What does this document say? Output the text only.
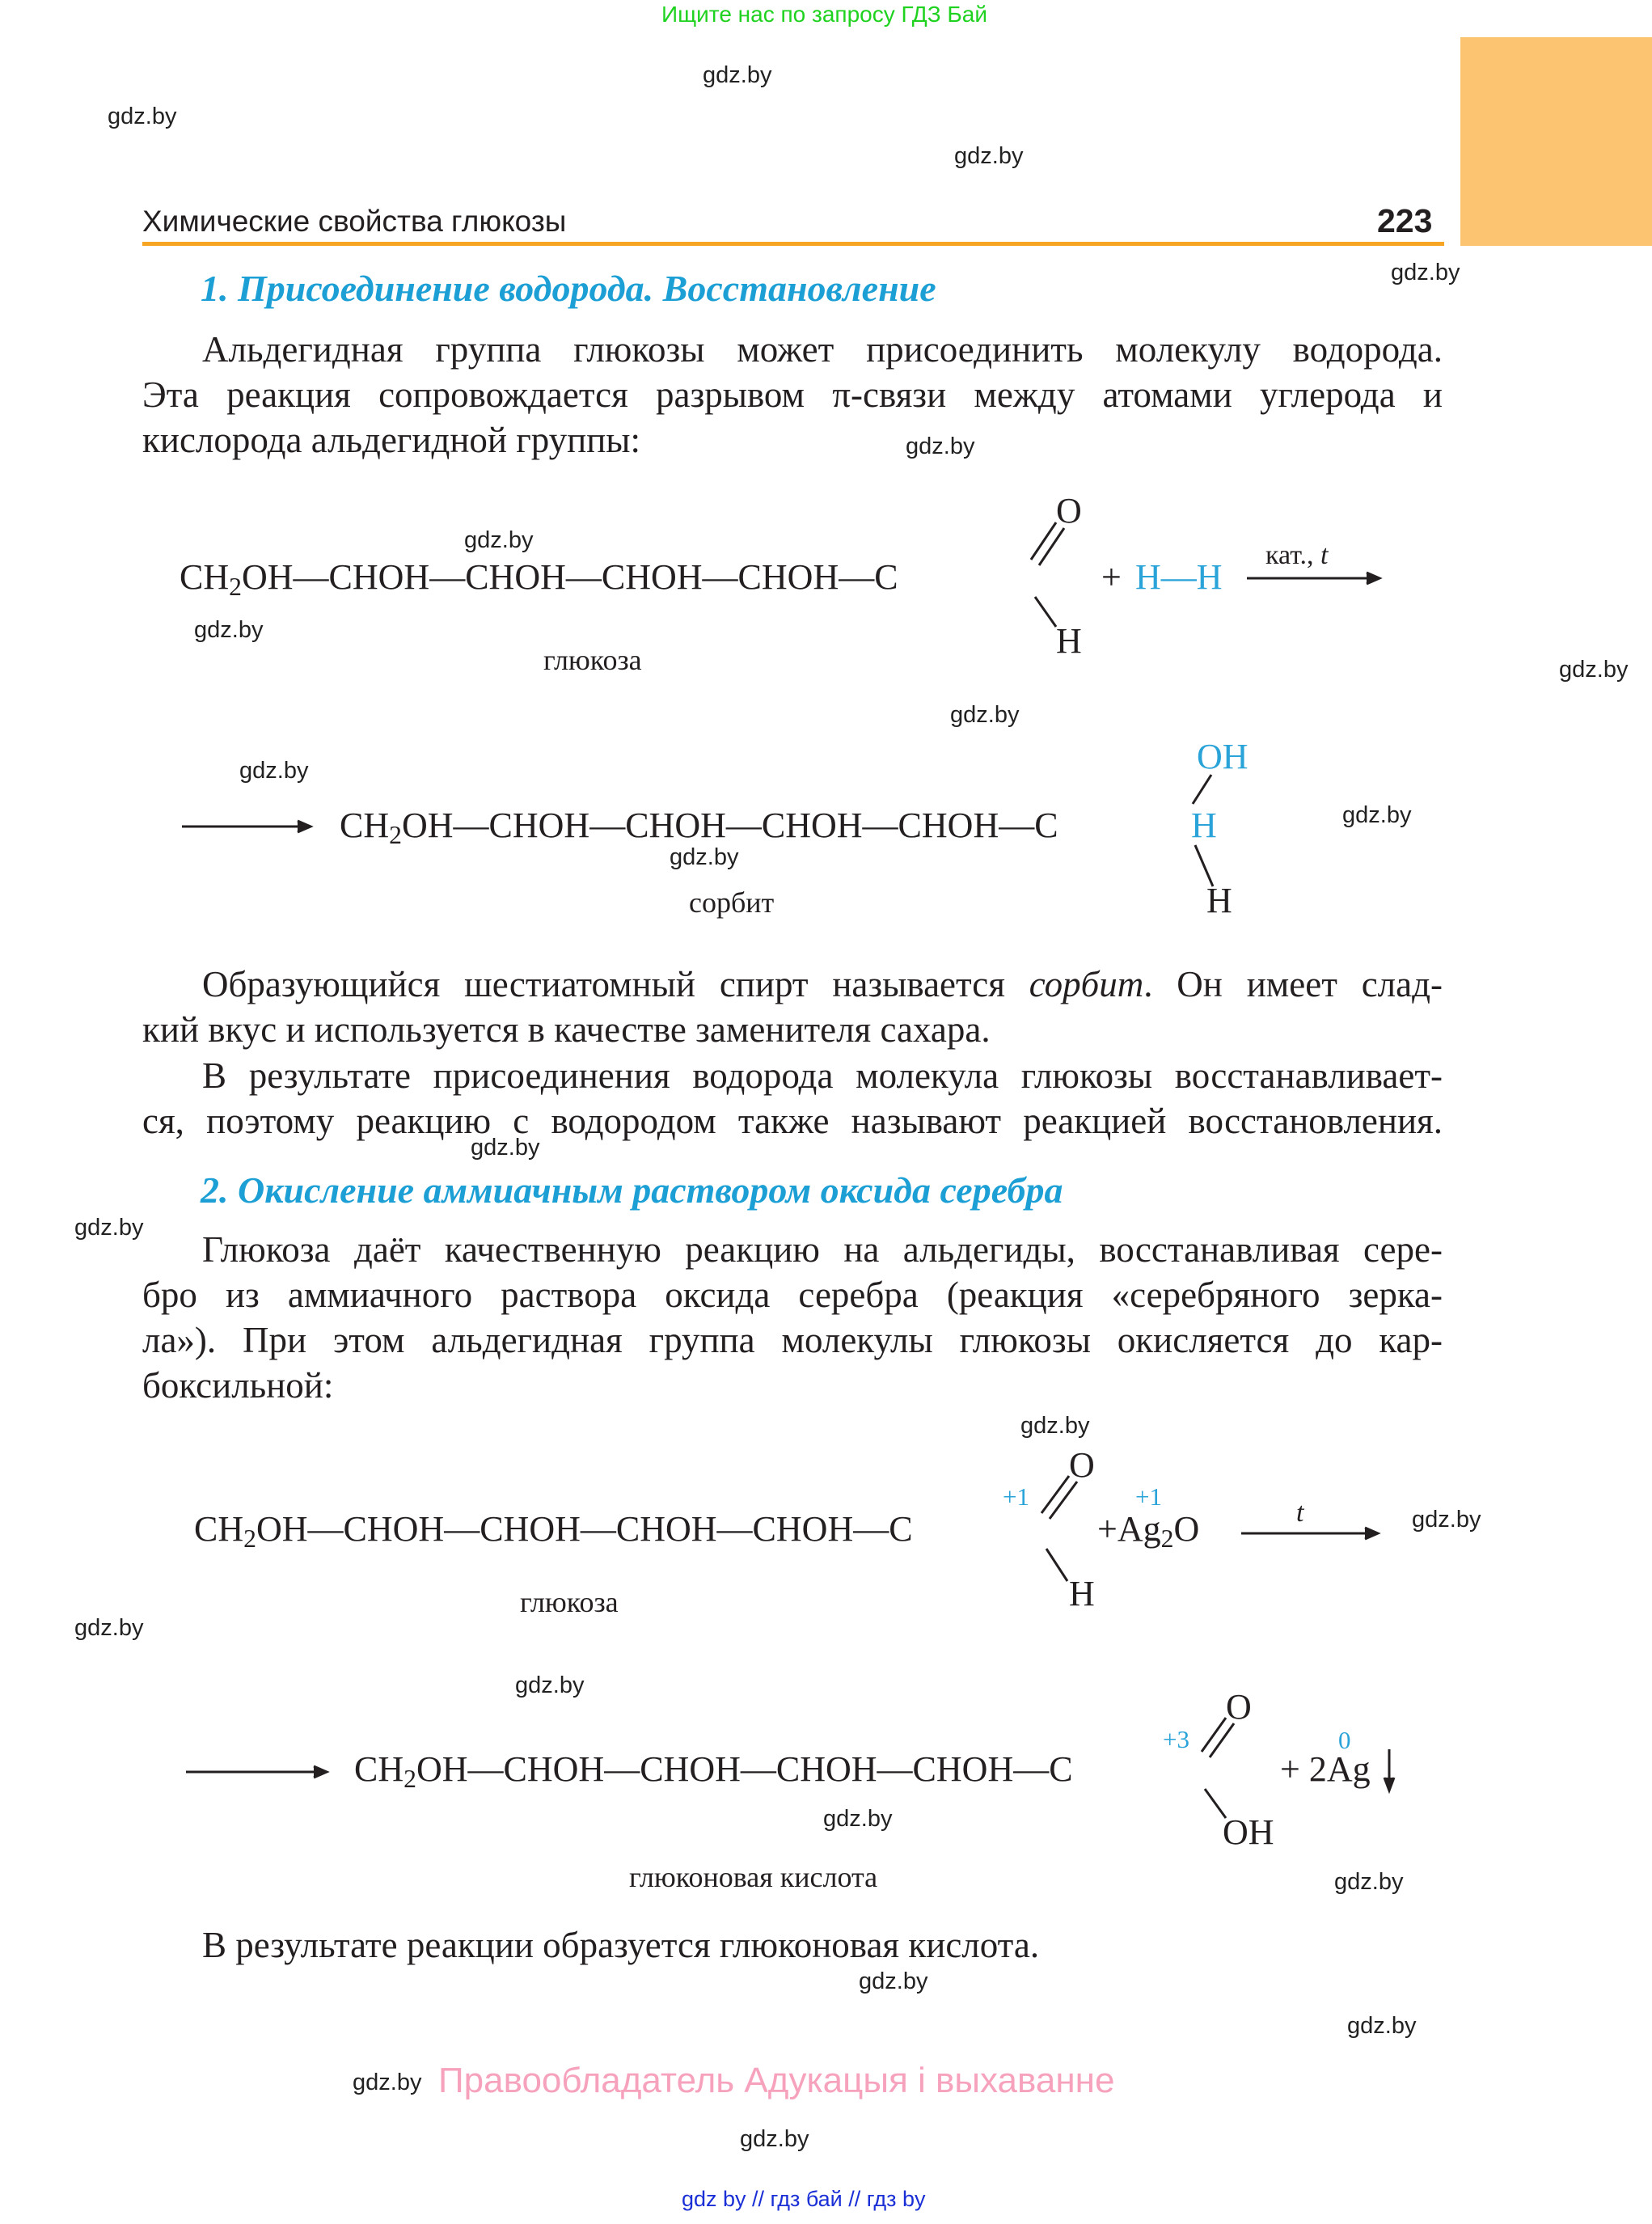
Ищите нас по запросу ГДЗ Бай
gdz.by
gdz.by
gdz.by
gdz.by
gdz.by
gdz.by
gdz.by
gdz.by
gdz.by
gdz.by
gdz.by
gdz.by
gdz.by
gdz.by
gdz.by
gdz.by
gdz.by
gdz.by
gdz.by
gdz.by
gdz.by
gdz.by
gdz.by
gdz.by
Химические свойства глюкозы	223
1. Присоединение водорода. Восстановление
Альдегидная группа глюкозы может присоединить молекулу водорода.
Эта реакция сопровождается разрывом π-связи между атомами углерода и
кислорода альдегидной группы:
$CH_2OH—CHOH—CHOH—CHOH—CHOH—C$
O
H
+ H—H
кат., t
глюкоза
$CH_2OH—CHOH—CHOH—CHOH—CHOH—C$	H
OH
H
сорбит
Образующийся шестиатомный спирт называется сорбит. Он имеет слад-
кий вкус и используется в качестве заменителя сахара.
В результате присоединения водорода молекула глюкозы восстанавливает-
ся, поэтому реакцию с водородом также называют реакцией восстановления.
2. Окисление аммиачным раствором оксида серебра
Глюкоза даёт качественную реакцию на альдегиды, восстанавливая сере-
бро из аммиачного раствора оксида серебра (реакция «серебряного зерка-
ла»). При этом альдегидная группа молекулы глюкозы окисляется до кар-
боксильной:
$CH_2OH—CHOH—CHOH—CHOH—CHOH—C$
+1
O
H
+1
$+Ag_2O$	t
глюкоза
$CH_2OH—CHOH—CHOH—CHOH—CHOH—C$
+3
O
OH
0
+ 2Ag
глюконовая кислота
В результате реакции образуется глюконовая кислота.
Правообладатель Адукацыя і выхаванне
gdz by // гдз бай // гдз by
